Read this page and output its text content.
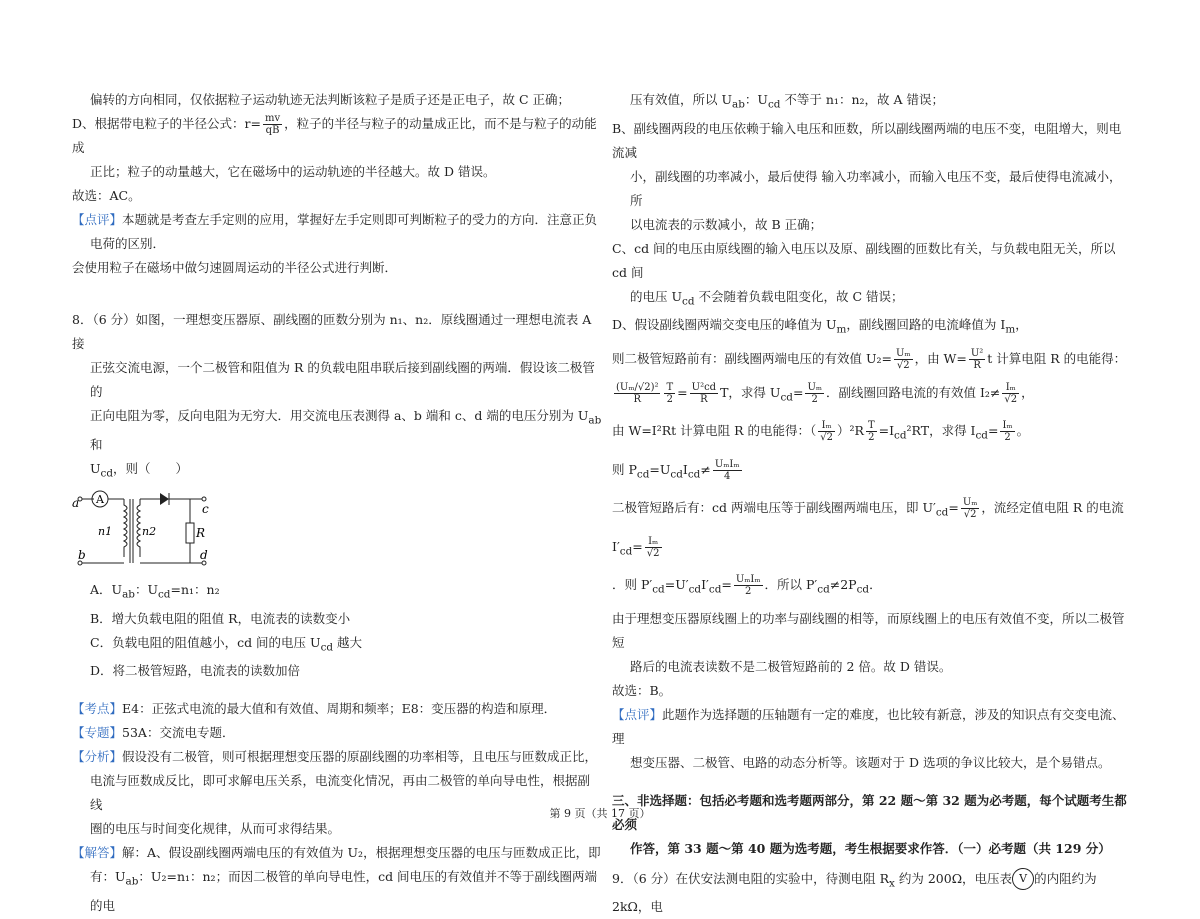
偏转的方向相同，仅依据粒子运动轨迹无法判断该粒子是质子还是正电子，故 C 正确；

D、根据带电粒子的半径公式：$r= \frac{mv}{qB}$ ，粒子的半径与粒子的动量成正比，而不是与粒子的动能成

正比；粒子的动量越大，它在磁场中的运动轨迹的半径越大。故 D 错误。

故选：AC。

【点评】本题就是考查左手定则的应用，掌握好左手定则即可判断粒子的受力的方向．注意正负

电荷的区别．

会使用粒子在磁场中做匀速圆周运动的半径公式进行判断．

8．（6 分）如图，一理想变压器原、副线圈的匝数分别为 n₁、n₂．原线圈通过一理想电流表 A 接

正弦交流电源，一个二极管和阻值为 R 的负载电阻串联后接到副线圈的两端．假设该二极管的

正向电阻为零，反向电阻为无穷大．用交流电压表测得 a、b 端和 c、d 端的电压分别为 $U_{ab}$ 和

$U_{cd}$，则（　　）

A
a
b
c
d
n1	n2	R

A．$U_{ab}$：$U_{cd}=n_1$：n₂

B．增大负载电阻的阻值 R，电流表的读数变小

C．负载电阻的阻值越小，cd 间的电压 $U_{cd}$ 越大

D．将二极管短路，电流表的读数加倍

【考点】E4：正弦式电流的最大值和有效值、周期和频率；E8：变压器的构造和原理．

【专题】53A：交流电专题．

【分析】假设没有二极管，则可根据理想变压器的原副线圈的功率相等，且电压与匝数成正比，

电流与匝数成反比，即可求解电压关系，电流变化情况，再由二极管的单向导电性，根据副线

圈的电压与时间变化规律，从而可求得结果。

【解答】解：A、假设副线圈两端电压的有效值为 U₂，根据理想变压器的电压与匝数成正比，即

有：$U_{ab}$：U₂=n₁：n₂；而因二极管的单向导电性，cd 间电压的有效值并不等于副线圈两端的电

压有效值，所以 $U_{ab}$：$U_{cd}$ 不等于 n₁：n₂，故 A 错误；

B、副线圈两段的电压依赖于输入电压和匝数，所以副线圈两端的电压不变，电阻增大，则电流减

小，副线圈的功率减小，最后使得 输入功率减小，而输入电压不变，最后使得电流减小，所

以电流表的示数减小，故 B 正确；

C、cd 间的电压由原线圈的输入电压以及原、副线圈的匝数比有关，与负载电阻无关，所以 cd 间

的电压 $U_{cd}$ 不会随着负载电阻变化，故 C 错误；

D、假设副线圈两端交变电压的峰值为 $U_m$，副线圈回路的电流峰值为 $I_m$，

则二极管短路前有：副线圈两端电压的有效值 $U_2= \frac{\text{Uₘ}}{√2}$ ，由 $W= \frac{\text{U²}}{R}$ t 计算电阻 R 的电能得：

$\frac{\text{(Uₘ/√2)²}}{R} \frac{T}{2} = \frac{\text{U²cd}}{R}$ T，求得 $U_{cd}= \frac{\text{Uₘ}}{2}$ ．副线圈回路电流的有效值 $I_2\ne \frac{\text{Iₘ}}{√2}$ ，

由 W=I²Rt 计算电阻 R 的电能得：（ $\frac{\text{Iₘ}}{√2} )^2R \frac{T}{2} =I_{cd}^2RT$，求得 $I_{cd}= \frac{\text{Iₘ}}{2}$ 。

则 $P_{cd}=U_{cd}I_{cd}\ne \frac{\text{UₘIₘ}}{4}$

二极管短路后有：cd 两端电压等于副线圈两端电压，即 $U'_{cd}= \frac{\text{Uₘ}}{√2}$ ，流经定值电阻 R 的电流 $I'_{cd}= \frac{\text{Iₘ}}{√2}$

．则 $P'_{cd}=U'_{cd}I'_{cd}= \frac{\text{UₘIₘ}}{2}$ ．所以 $P'_{cd}\ne 2P_{cd}$．

由于理想变压器原线圈上的功率与副线圈的相等，而原线圈上的电压有效值不变，所以二极管短

路后的电流表读数不是二极管短路前的 2 倍。故 D 错误。

故选：B。

【点评】此题作为选择题的压轴题有一定的难度，也比较有新意，涉及的知识点有交变电流、理

想变压器、二极管、电路的动态分析等。该题对于 D 选项的争议比较大，是个易错点。

三、非选择题：包括必考题和选考题两部分，第 22 题～第 32 题为必考题，每个试题考生都必须

作答，第 33 题～第 40 题为选考题，考生根据要求作答．（一）必考题（共 129 分）

9．（6 分）在伏安法测电阻的实验中，待测电阻 $R_x$ 约为 200Ω，电压表 V 的内阻约为 2kΩ，电

第 9 页（共 17 页）
